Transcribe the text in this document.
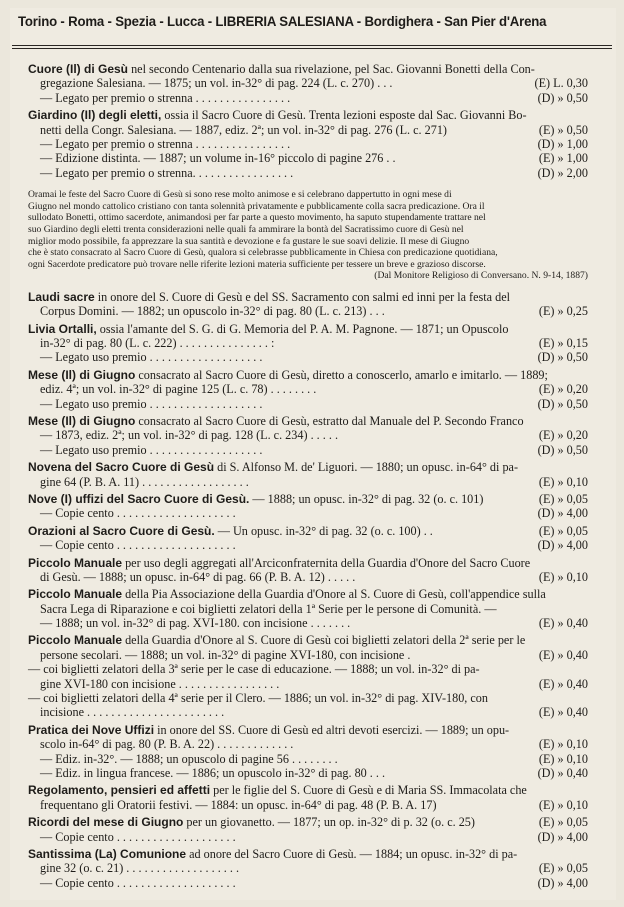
Torino - Roma - Spezia - Lucca - LIBRERIA SALESIANA - Bordighera - San Pier d'Arena
Cuore (Il) di Gesù nel secondo Centenario dalla sua rivelazione, pel Sac. Giovanni Bonetti della Con-
gregazione Salesiana. — 1875; un vol. in-32° di pag. 224 (L. c. 270) . . .	(E) L. 0,30
— Legato per premio o strenna . . . . . . . . . . . . . . . .	(D) » 0,50
Giardino (Il) degli eletti, ossia il Sacro Cuore di Gesù. Trenta lezioni esposte dal Sac. Giovanni Bo-
netti della Congr. Salesiana. — 1887, ediz. 2ª; un vol. in-32° di pag. 276 (L. c. 271)	(E) » 0,50
— Legato per premio o strenna . . . . . . . . . . . . . . . .	(D) » 1,00
— Edizione distinta. — 1887; un volume in-16° piccolo di pagine 276 . .	(E) » 1,00
— Legato per premio o strenna. . . . . . . . . . . . . . . . .	(D) » 2,00
Oramai le feste del Sacro Cuore di Gesù si sono rese molto animose e si celebrano dappertutto in ogni mese di
Giugno nel mondo cattolico cristiano con tanta solennità privatamente e pubblicamente colla sacra predicazione. Ora il
sullodato Bonetti, ottimo sacerdote, animandosi per far parte a questo movimento, ha saputo stupendamente trattare nel
suo Giardino degli eletti trenta considerazioni nelle quali fa ammirare la bontà del Sacratissimo cuore di Gesù nel
miglior modo possibile, fa apprezzare la sua santità e devozione e fa gustare le sue soavi delizie. Il mese di Giugno
che è stato consacrato al Sacro Cuore di Gesù, qualora si celebrasse pubblicamente in Chiesa con predicazione quotidiana,
ogni Sacerdote predicatore può trovare nelle riferite lezioni materia sufficiente per tessere un breve e grazioso discorse.
(Dal Monitore Religioso di Conversano. N. 9-14, 1887)
Laudi sacre in onore del S. Cuore di Gesù e del SS. Sacramento con salmi ed inni per la festa del
Corpus Domini. — 1882; un opuscolo in-32° di pag. 80 (L. c. 213) . . .	(E) » 0,25
Livia Ortalli, ossia l'amante del S. G. di G. Memoria del P. A. M. Pagnone. — 1871; un Opuscolo
in-32° di pag. 80 (L. c. 222) . . . . . . . . . . . . . . . :	(E) » 0,15
— Legato uso premio . . . . . . . . . . . . . . . . . . .	(D) » 0,50
Mese (Il) di Giugno consacrato al Sacro Cuore di Gesù, diretto a conoscerlo, amarlo e imitarlo. — 1889;
ediz. 4ª; un vol. in-32° di pagine 125 (L. c. 78) . . . . . . . .	(E) » 0,20
— Legato uso premio . . . . . . . . . . . . . . . . . . .	(D) » 0,50
Mese (Il) di Giugno consacrato al Sacro Cuore di Gesù, estratto dal Manuale del P. Secondo Franco
— 1873, ediz. 2ª; un vol. in-32° di pag. 128 (L. c. 234) . . . . .	(E) » 0,20
— Legato uso premio . . . . . . . . . . . . . . . . . . .	(D) » 0,50
Novena del Sacro Cuore di Gesù di S. Alfonso M. de' Liguori. — 1880; un opusc. in-64° di pa-
gine 64 (P. B. A. 11) . . . . . . . . . . . . . . . . . .	(E) » 0,10
Nove (I) uffizi del Sacro Cuore di Gesù. — 1888; un opusc. in-32° di pag. 32 (o. c. 101)	(E) » 0,05
— Copie cento . . . . . . . . . . . . . . . . . . . .	(D) » 4,00
Orazioni al Sacro Cuore di Gesù. — Un opusc. in-32° di pag. 32 (o. c. 100) . .	(E) » 0,05
— Copie cento . . . . . . . . . . . . . . . . . . . .	(D) » 4,00
Piccolo Manuale per uso degli aggregati all'Arciconfraternita della Guardia d'Onore del Sacro Cuore
di Gesù. — 1888; un opusc. in-64° di pag. 66 (P. B. A. 12) . . . . .	(E) » 0,10
Piccolo Manuale della Pia Associazione della Guardia d'Onore al S. Cuore di Gesù, coll'appendice sulla
Sacra Lega di Riparazione e coi biglietti zelatori della 1ª Serie per le persone di Comunità. —
— 1888; un vol. in-32° di pag. XVI-180. con incisione . . . . . . .	(E) » 0,40
Piccolo Manuale della Guardia d'Onore al S. Cuore di Gesù coi biglietti zelatori della 2ª serie per le
persone secolari. — 1888; un vol. in-32° di pagine XVI-180, con incisione .	(E) » 0,40
— coi biglietti zelatori della 3ª serie per le case di educazione. — 1888; un vol. in-32° di pa-
gine XVI-180 con incisione . . . . . . . . . . . . . . . . .	(E) » 0,40
— coi biglietti zelatori della 4ª serie per il Clero. — 1886; un vol. in-32° di pag. XIV-180, con
incisione . . . . . . . . . . . . . . . . . . . . . . .	(E) » 0,40
Pratica dei Nove Uffizi in onore del SS. Cuore di Gesù ed altri devoti esercizi. — 1889; un opu-
scolo in-64° di pag. 80 (P. B. A. 22) . . . . . . . . . . . . .	(E) » 0,10
— Ediz. in-32°. — 1888; un opuscolo di pagine 56 . . . . . . . .	(E) » 0,10
— Ediz. in lingua francese. — 1886; un opuscolo in-32° di pag. 80 . . .	(D) » 0,40
Regolamento, pensieri ed affetti per le figlie del S. Cuore di Gesù e di Maria SS. Immacolata che
frequentano gli Oratorii festivi. — 1884: un opusc. in-64° di pag. 48 (P. B. A. 17)	(E) » 0,10
Ricordi del mese di Giugno per un giovanetto. — 1877; un op. in-32° di p. 32 (o. c. 25)	(E) » 0,05
— Copie cento . . . . . . . . . . . . . . . . . . . .	(D) » 4,00
Santissima (La) Comunione ad onore del Sacro Cuore di Gesù. — 1884; un opusc. in-32° di pa-
gine 32 (o. c. 21) . . . . . . . . . . . . . . . . . . .	(E) » 0,05
— Copie cento . . . . . . . . . . . . . . . . . . . .	(D) » 4,00
